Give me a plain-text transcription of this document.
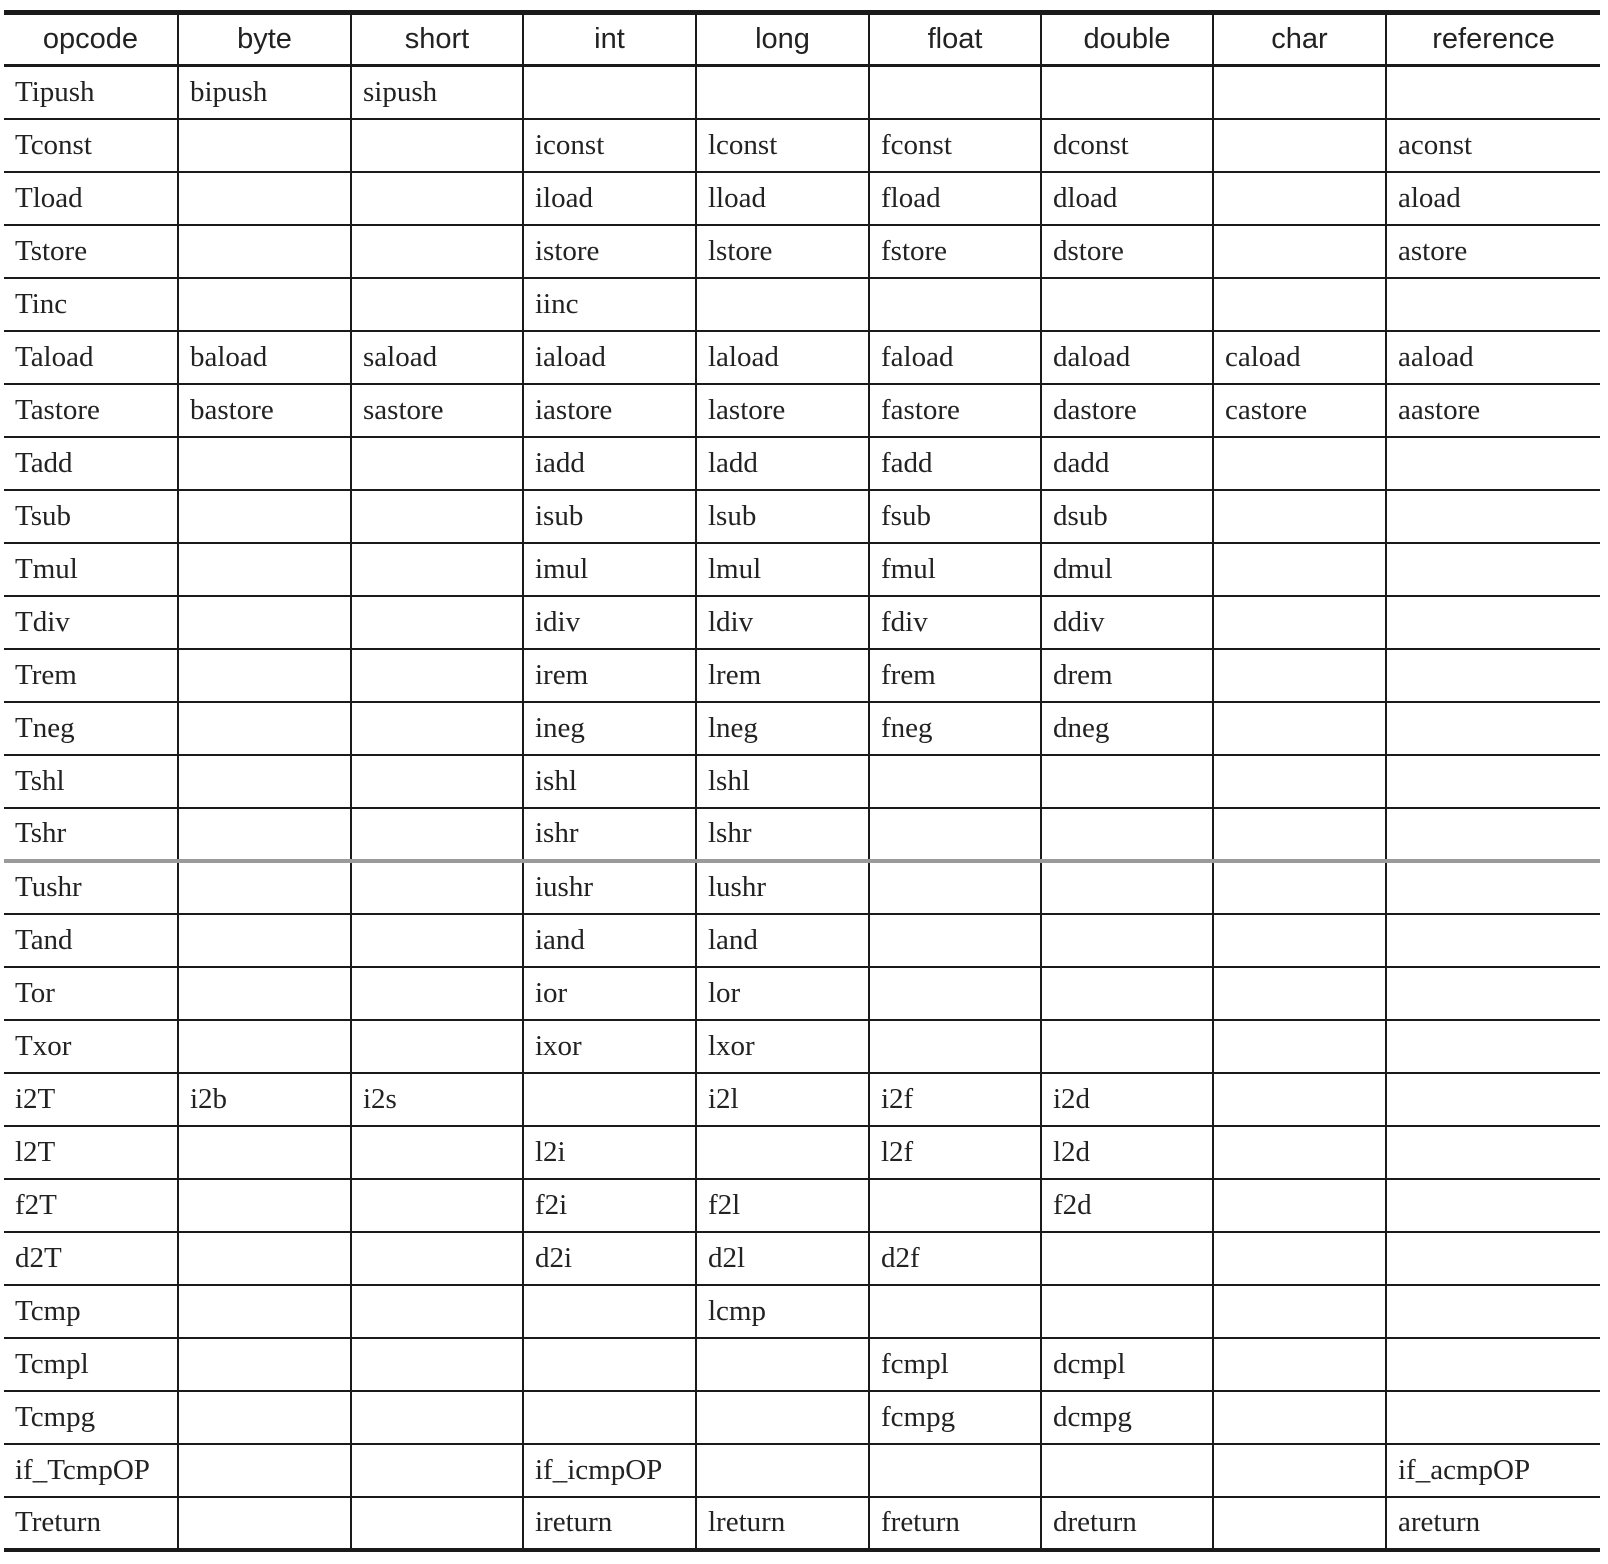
opcode	byte	short	int	long	float	double	char	reference
Tipush	bipush	sipush						
Tconst			iconst	lconst	fconst	dconst		aconst
Tload			iload	lload	fload	dload		aload
Tstore			istore	lstore	fstore	dstore		astore
Tinc			iinc					
Taload	baload	saload	iaload	laload	faload	daload	caload	aaload
Tastore	bastore	sastore	iastore	lastore	fastore	dastore	castore	aastore
Tadd			iadd	ladd	fadd	dadd		
Tsub			isub	lsub	fsub	dsub		
Tmul			imul	lmul	fmul	dmul		
Tdiv			idiv	ldiv	fdiv	ddiv		
Trem			irem	lrem	frem	drem		
Tneg			ineg	lneg	fneg	dneg		
Tshl			ishl	lshl				
Tshr			ishr	lshr				
Tushr			iushr	lushr				
Tand			iand	land				
Tor			ior	lor				
Txor			ixor	lxor				
i2T	i2b	i2s		i2l	i2f	i2d		
l2T			l2i		l2f	l2d		
f2T			f2i	f2l		f2d		
d2T			d2i	d2l	d2f			
Tcmp				lcmp				
Tcmpl					fcmpl	dcmpl		
Tcmpg					fcmpg	dcmpg		
if_TcmpOP			if_icmpOP					if_acmpOP
Treturn			ireturn	lreturn	freturn	dreturn		areturn
